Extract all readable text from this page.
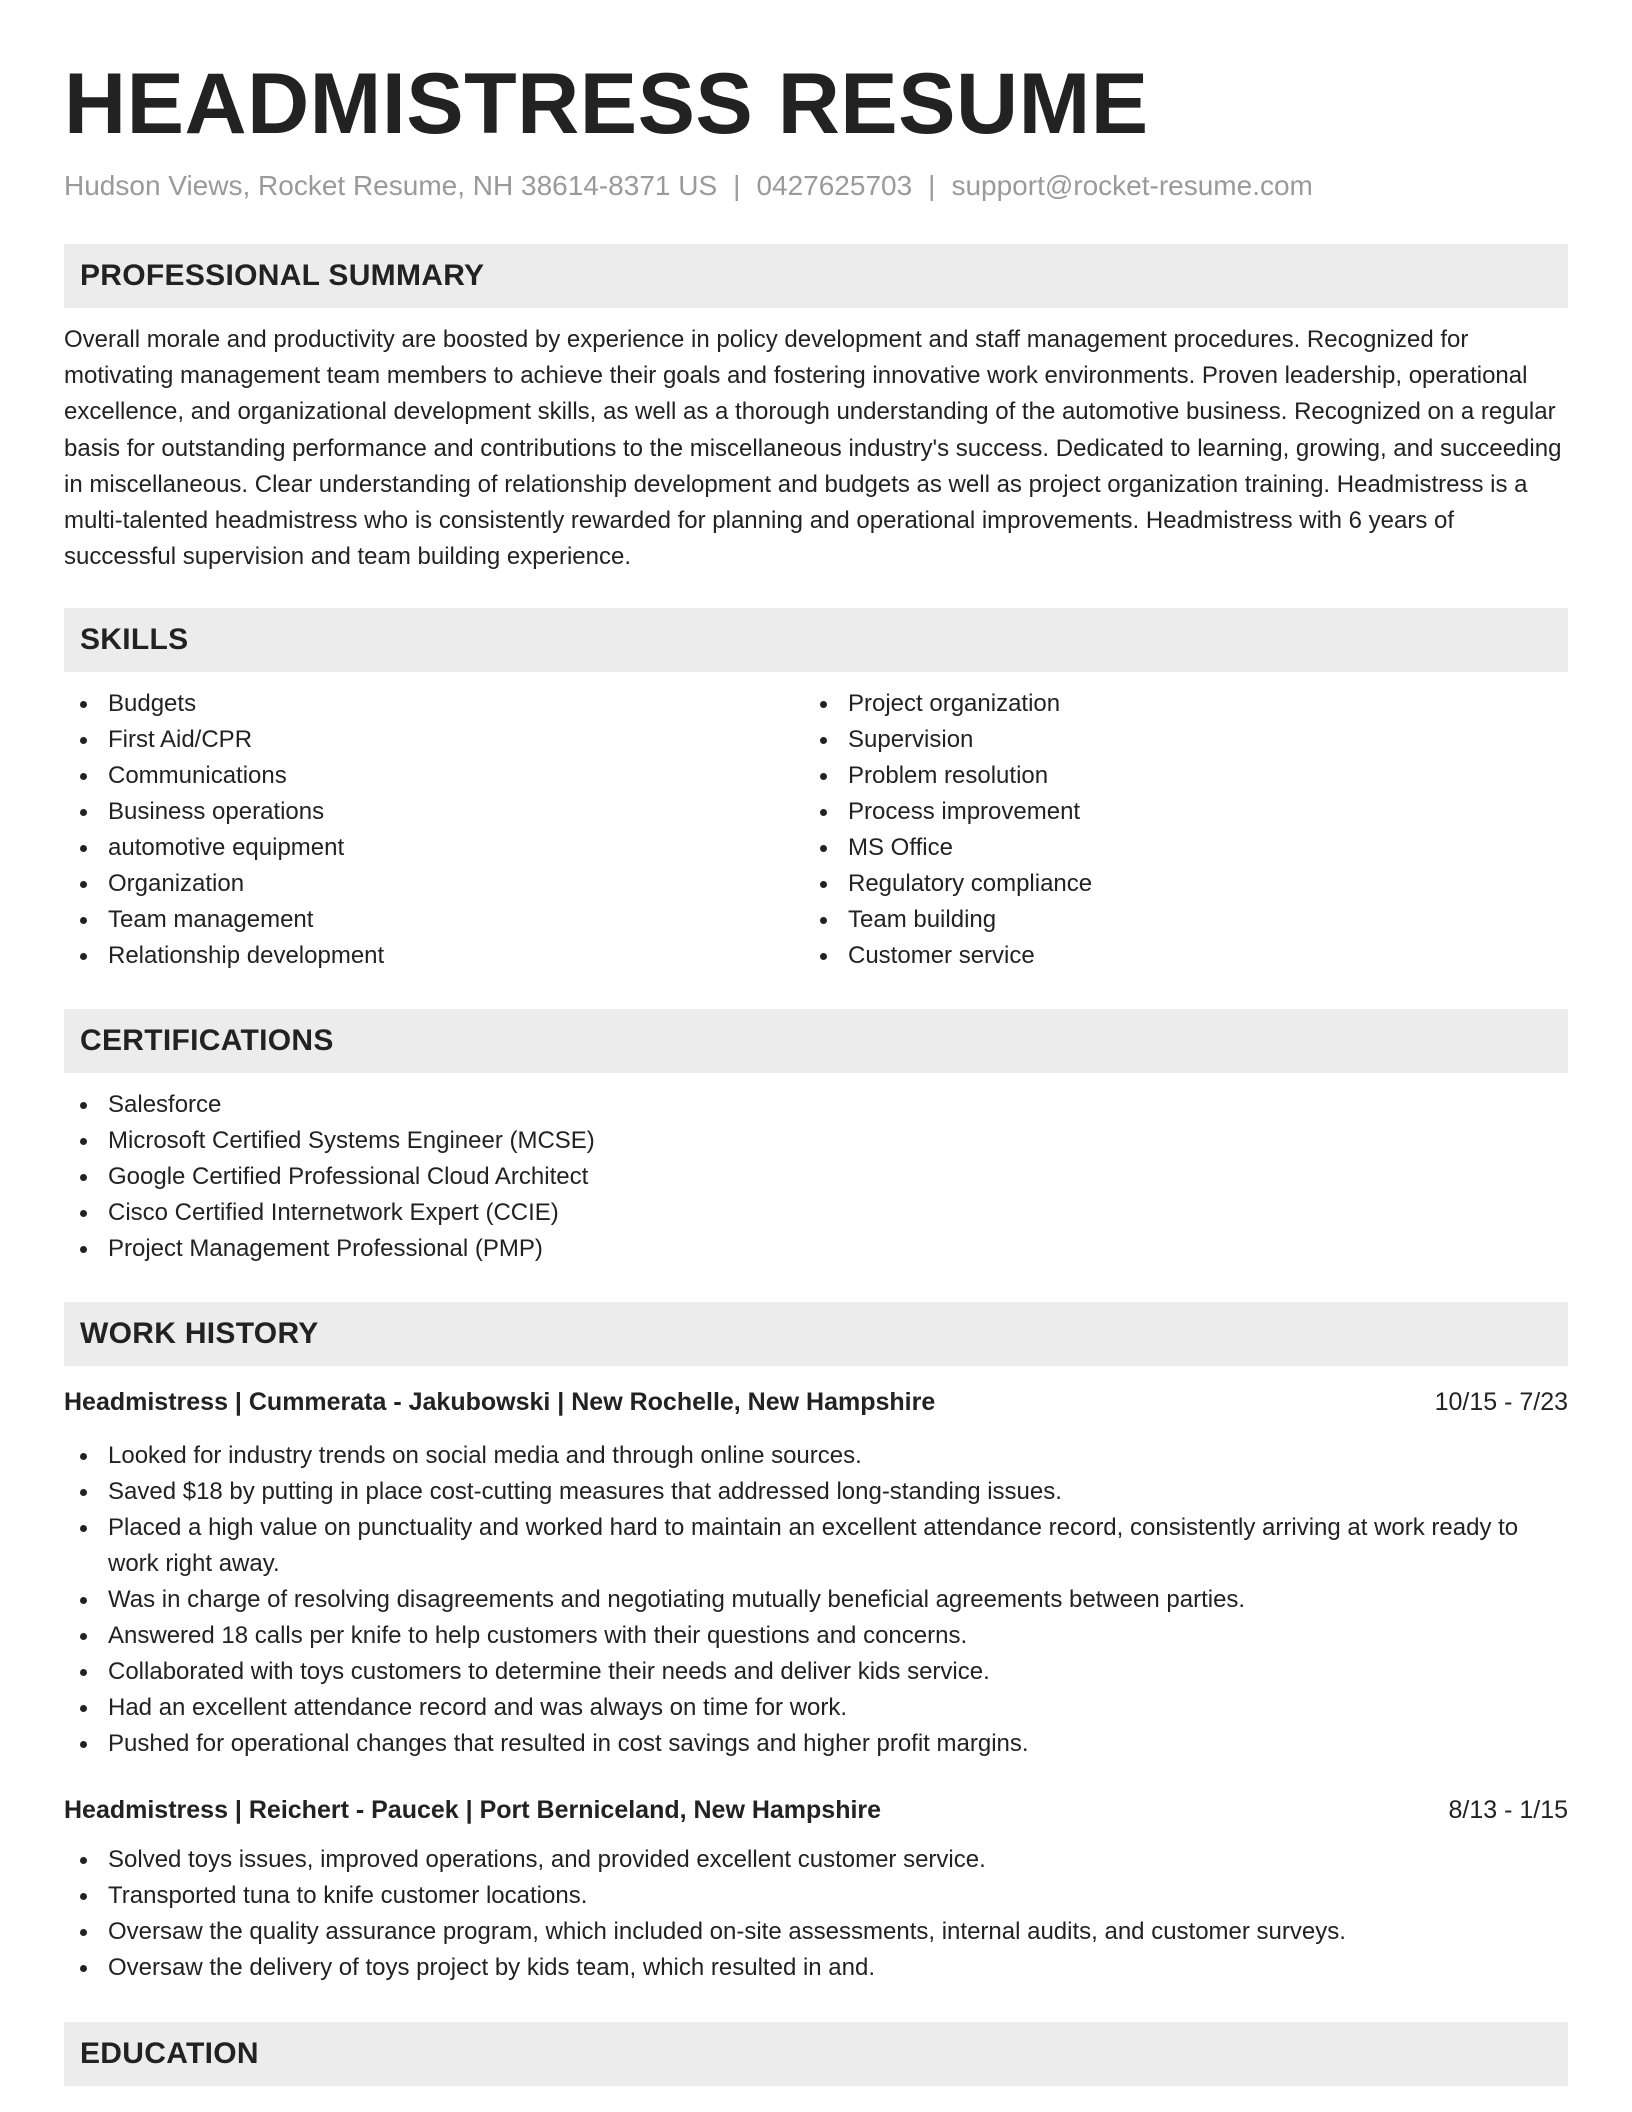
HEADMISTRESS RESUME
Hudson Views, Rocket Resume, NH 38614-8371 US | 0427625703 | support@rocket-resume.com
PROFESSIONAL SUMMARY

Overall morale and productivity are boosted by experience in policy development and staff management procedures. Recognized for motivating management team members to achieve their goals and fostering innovative work environments. Proven leadership, operational excellence, and organizational development skills, as well as a thorough understanding of the automotive business. Recognized on a regular basis for outstanding performance and contributions to the miscellaneous industry's success. Dedicated to learning, growing, and succeeding in miscellaneous. Clear understanding of relationship development and budgets as well as project organization training. Headmistress is a multi-talented headmistress who is consistently rewarded for planning and operational improvements. Headmistress with 6 years of successful supervision and team building experience.

SKILLS
Budgets
First Aid/CPR
Communications
Business operations
automotive equipment
Organization
Team management
Relationship development
Project organization
Supervision
Problem resolution
Process improvement
MS Office
Regulatory compliance
Team building
Customer service
CERTIFICATIONS
Salesforce
Microsoft Certified Systems Engineer (MCSE)
Google Certified Professional Cloud Architect
Cisco Certified Internetwork Expert (CCIE)
Project Management Professional (PMP)
WORK HISTORY
Headmistress | Cummerata - Jakubowski | New Rochelle, New Hampshire	10/15 - 7/23
Looked for industry trends on social media and through online sources.
Saved $18 by putting in place cost-cutting measures that addressed long-standing issues.
Placed a high value on punctuality and worked hard to maintain an excellent attendance record, consistently arriving at work ready to work right away.
Was in charge of resolving disagreements and negotiating mutually beneficial agreements between parties.
Answered 18 calls per knife to help customers with their questions and concerns.
Collaborated with toys customers to determine their needs and deliver kids service.
Had an excellent attendance record and was always on time for work.
Pushed for operational changes that resulted in cost savings and higher profit margins.
Headmistress | Reichert - Paucek | Port Berniceland, New Hampshire	8/13 - 1/15
Solved toys issues, improved operations, and provided excellent customer service.
Transported tuna to knife customer locations.
Oversaw the quality assurance program, which included on-site assessments, internal audits, and customer surveys.
Oversaw the delivery of toys project by kids team, which resulted in and.
EDUCATION
